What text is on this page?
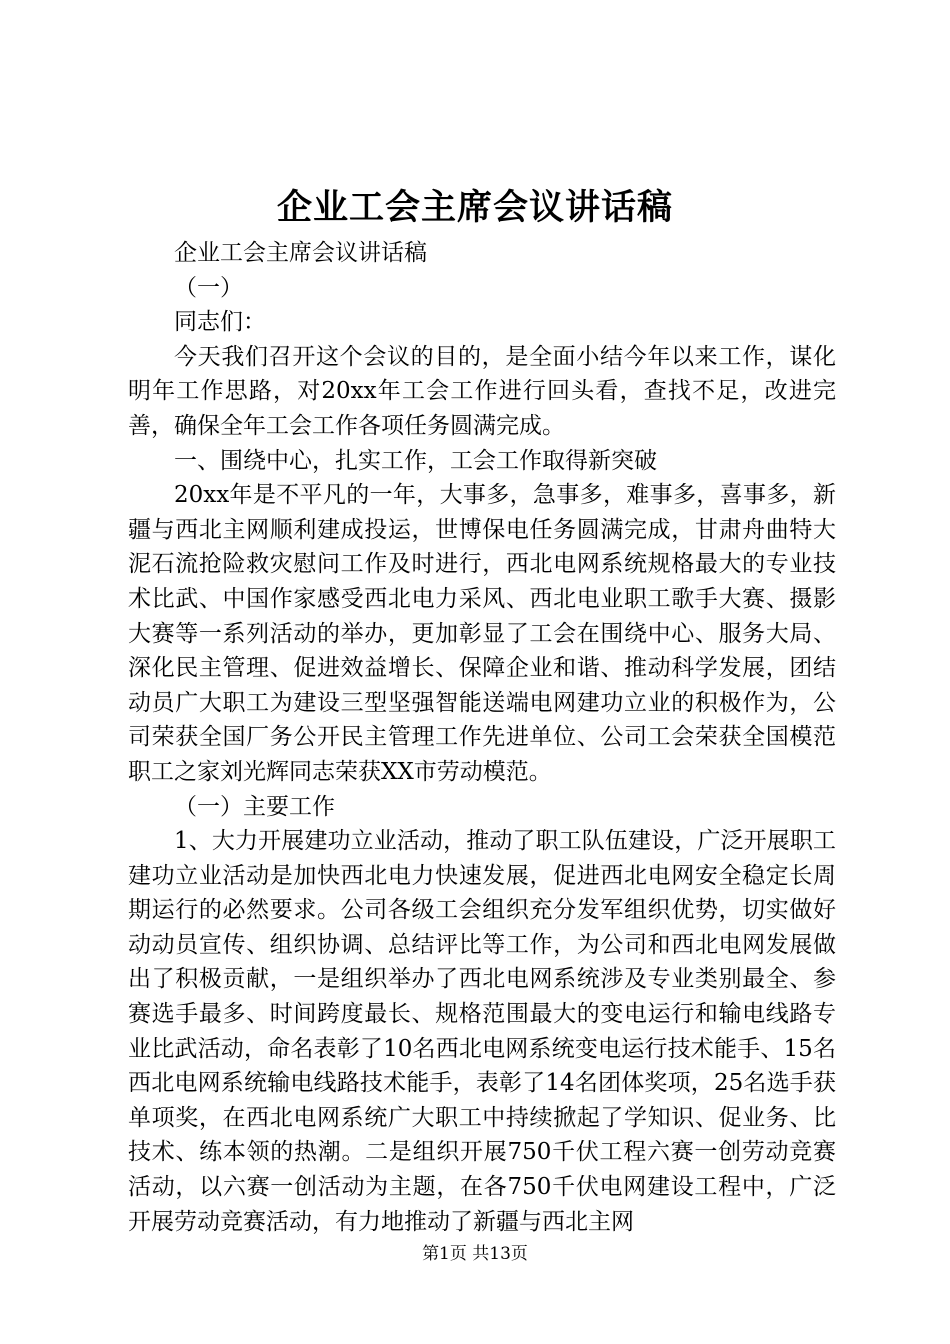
企业工会主席会议讲话稿

企业工会主席会议讲话稿

（一）

同志们：

今天我们召开这个会议的目的，是全面小结今年以来工作，谋化明年工作思路，对20xx年工会工作进行回头看，查找不足，改进完善，确保全年工会工作各项任务圆满完成。

一、围绕中心，扎实工作，工会工作取得新突破

20xx年是不平凡的一年，大事多，急事多，难事多，喜事多，新疆与西北主网顺利建成投运，世博保电任务圆满完成，甘肃舟曲特大泥石流抢险救灾慰问工作及时进行，西北电网系统规格最大的专业技术比武、中国作家感受西北电力采风、西北电业职工歌手大赛、摄影大赛等一系列活动的举办，更加彰显了工会在围绕中心、服务大局、深化民主管理、促进效益增长、保障企业和谐、推动科学发展，团结动员广大职工为建设三型坚强智能送端电网建功立业的积极作为，公司荣获全国厂务公开民主管理工作先进单位、公司工会荣获全国模范职工之家刘光辉同志荣获XX市劳动模范。

（一）主要工作

1、大力开展建功立业活动，推动了职工队伍建设，广泛开展职工建功立业活动是加快西北电力快速发展，促进西北电网安全稳定长周期运行的必然要求。公司各级工会组织充分发军组织优势，切实做好动动员宣传、组织协调、总结评比等工作，为公司和西北电网发展做出了积极贡献，一是组织举办了西北电网系统涉及专业类别最全、参赛选手最多、时间跨度最长、规格范围最大的变电运行和输电线路专业比武活动，命名表彰了10名西北电网系统变电运行技术能手、15名西北电网系统输电线路技术能手，表彰了14名团体奖项，25名选手获单项奖，在西北电网系统广大职工中持续掀起了学知识、促业务、比技术、练本领的热潮。二是组织开展750千伏工程六赛一创劳动竞赛活动，以六赛一创活动为主题，在各750千伏电网建设工程中，广泛开展劳动竞赛活动，有力地推动了新疆与西北主网

第1页 共13页
